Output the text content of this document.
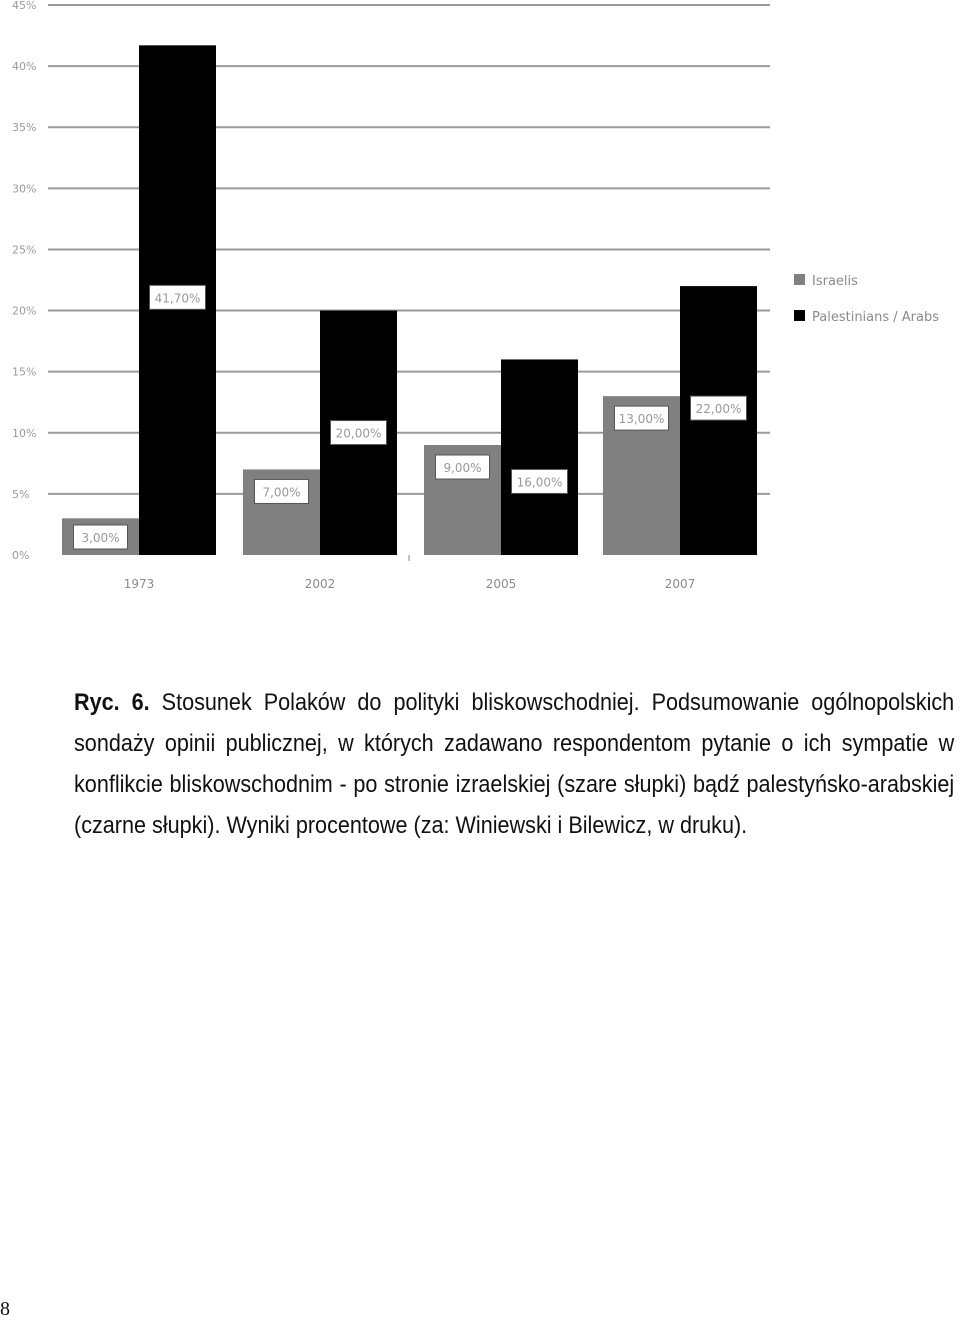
0%
5%
10%
15%
20%
25%
30%
35%
40%
45%
3,00%
41,70%
1973
7,00%
20,00%
2002
9,00%
16,00%
2005
13,00%
22,00%
2007
Israelis
Palestinians / Arabs
Ryc. 6. Stosunek Polaków do polityki bliskowschodniej. Podsumowanie ogólnopolskich sondaży opinii publicznej, w których zadawano respondentom pytanie o ich sympatie w konflikcie bliskowschodnim - po stronie izraelskiej (szare słupki) bądź palestyńsko-arabskiej (czarne słupki). Wyniki procentowe (za: Winiewski i Bilewicz, w druku).
8
